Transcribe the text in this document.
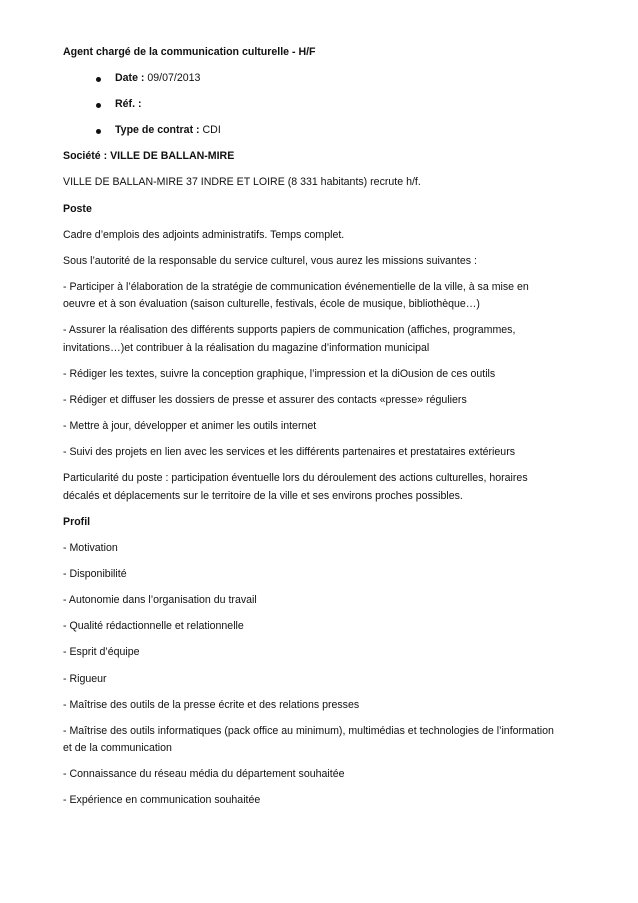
Agent chargé de la communication culturelle - H/F
Date : 09/07/2013
Réf. :
Type de contrat : CDI
Société : VILLE DE BALLAN-MIRE
VILLE DE BALLAN-MIRE 37 INDRE ET LOIRE (8 331 habitants) recrute h/f.
Poste
Cadre d’emplois des adjoints administratifs. Temps complet.
Sous l’autorité de la responsable du service culturel, vous aurez les missions suivantes :
- Participer à l’élaboration de la stratégie de communication événementielle de la ville, à sa mise en oeuvre et à son évaluation (saison culturelle, festivals, école de musique, bibliothèque…)
- Assurer la réalisation des différents supports papiers de communication (affiches, programmes, invitations…)et contribuer à la réalisation du magazine d’information municipal
- Rédiger les textes, suivre la conception graphique, l’impression et la diOusion de ces outils
- Rédiger et diffuser les dossiers de presse et assurer des contacts «presse» réguliers
- Mettre à jour, développer et animer les outils internet
- Suivi des projets en lien avec les services et les différents partenaires et prestataires extérieurs
Particularité du poste : participation éventuelle lors du déroulement des actions culturelles, horaires décalés et déplacements sur le territoire de la ville et ses environs proches possibles.
Profil
- Motivation
- Disponibilité
- Autonomie dans l’organisation du travail
- Qualité rédactionnelle et relationnelle
- Esprit d’équipe
- Rigueur
- Maîtrise des outils de la presse écrite et des relations presses
- Maîtrise des outils informatiques (pack office au minimum), multimédias et technologies de l’information et de la communication
- Connaissance du réseau média du département souhaitée
- Expérience en communication souhaitée
